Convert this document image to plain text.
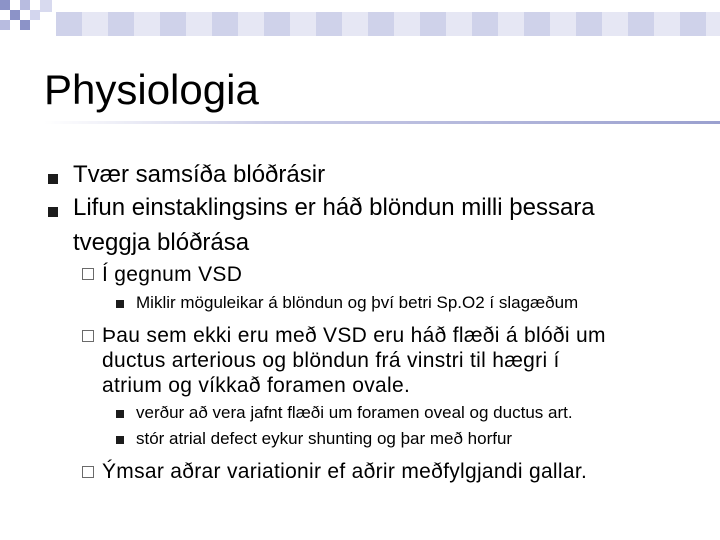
Physiologia
Tvær samsíða blóðrásir
Lifun einstaklingsins er háð blöndun milli þessara
tveggja blóðrása
Í gegnum VSD
Miklir möguleikar á blöndun og því betri Sp.O2 í slagæðum
Þau sem ekki eru með VSD eru háð flæði á blóði um
ductus arterious og blöndun frá vinstri til hægri í
atrium og víkkað foramen ovale.
verður að vera jafnt flæði um foramen oveal og ductus art.
stór atrial defect eykur shunting og þar með horfur
Ýmsar aðrar variationir ef aðrir meðfylgjandi gallar.
